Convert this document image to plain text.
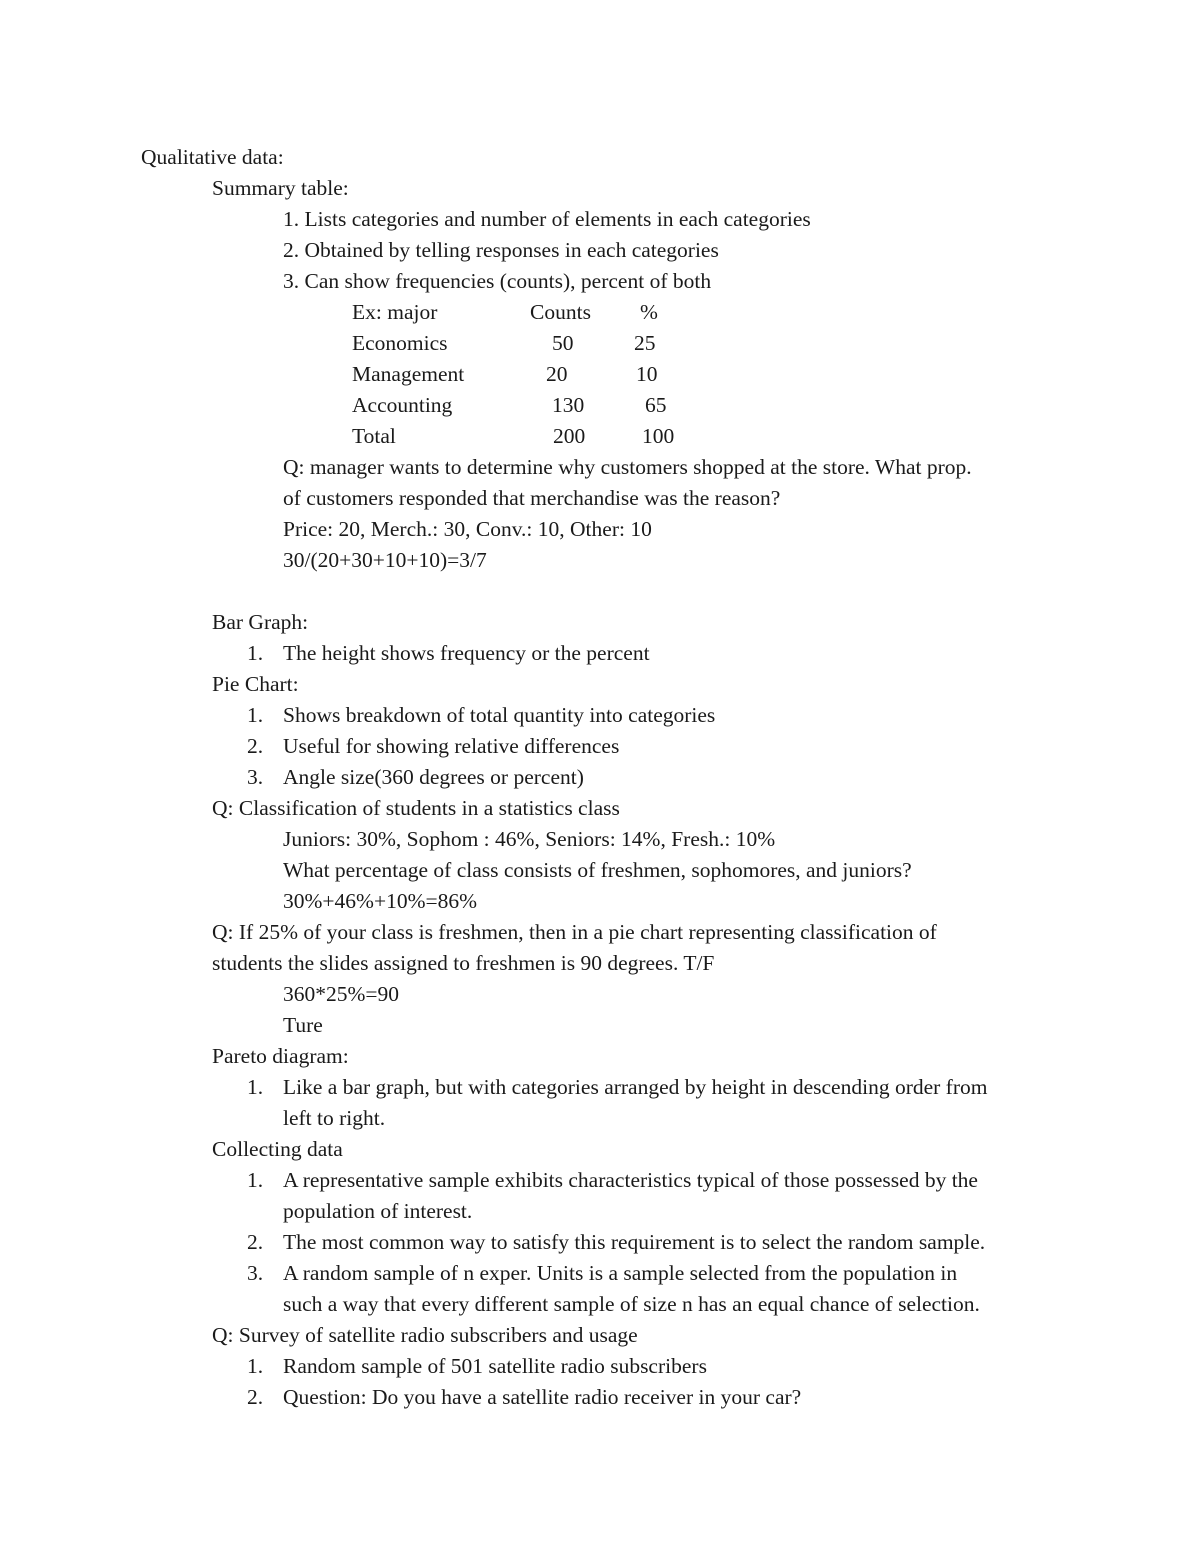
Qualitative data:
Summary table:
1. Lists categories and number of elements in each categories
2. Obtained by telling responses in each categories
3. Can show frequencies (counts), percent of both
Ex: major	Counts %
Economics	50	25
Management	20	10
Accounting	130	65
Total	200	100
Q: manager wants to determine why customers shopped at the store. What prop.
of customers responded that merchandise was the reason?
Price: 20, Merch.: 30, Conv.: 10, Other: 10
30/(20+30+10+10)=3/7
Bar Graph:
1. The height shows frequency or the percent
Pie Chart:
1. Shows breakdown of total quantity into categories
2. Useful for showing relative differences
3. Angle size(360 degrees or percent)
Q: Classification of students in a statistics class
Juniors: 30%, Sophom : 46%, Seniors: 14%, Fresh.: 10%
What percentage of class consists of freshmen, sophomores, and juniors?
30%+46%+10%=86%
Q: If 25% of your class is freshmen, then in a pie chart representing classification of
students the slides assigned to freshmen is 90 degrees. T/F
360*25%=90
Ture
Pareto diagram:
1. Like a bar graph, but with categories arranged by height in descending order from
left to right.
Collecting data
1. A representative sample exhibits characteristics typical of those possessed by the
population of interest.
2. The most common way to satisfy this requirement is to select the random sample.
3. A random sample of n exper. Units is a sample selected from the population in
such a way that every different sample of size n has an equal chance of selection.
Q: Survey of satellite radio subscribers and usage
1. Random sample of 501 satellite radio subscribers
2. Question: Do you have a satellite radio receiver in your car?
